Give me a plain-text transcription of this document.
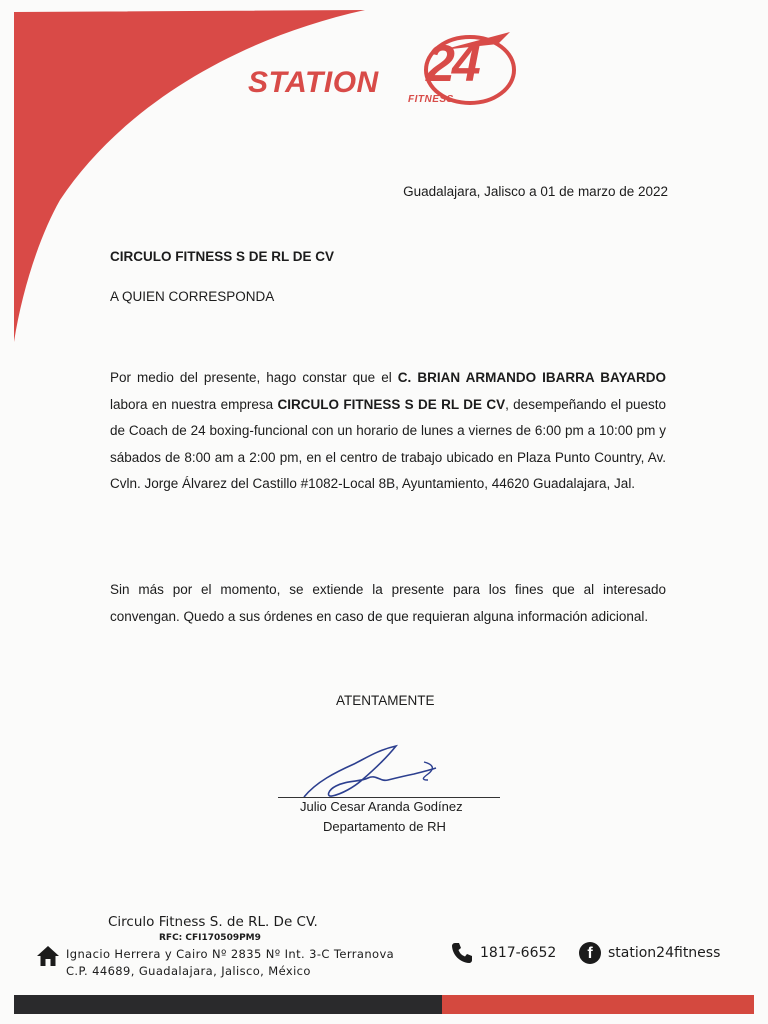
STATION 24
FITNESS
Guadalajara, Jalisco a 01 de marzo de 2022
CIRCULO FITNESS S DE RL DE CV
A QUIEN CORRESPONDA
Por medio del presente, hago constar que el C. BRIAN ARMANDO IBARRA BAYARDO labora en nuestra empresa CIRCULO FITNESS S DE RL DE CV, desempeñando el puesto de Coach de 24 boxing-funcional con un horario de lunes a viernes de 6:00 pm a 10:00 pm y sábados de 8:00 am a 2:00 pm, en el centro de trabajo ubicado en Plaza Punto Country, Av. Cvln. Jorge Álvarez del Castillo #1082-Local 8B, Ayuntamiento, 44620 Guadalajara, Jal.
Sin más por el momento, se extiende la presente para los fines que al interesado convengan. Quedo a sus órdenes en caso de que requieran alguna información adicional.
ATENTAMENTE
Julio Cesar Aranda Godínez
Departamento de RH
Circulo Fitness S. de RL. De CV.
RFC: CFI170509PM9
Ignacio Herrera y Cairo Nº 2835 Nº Int. 3-C Terranova
C.P. 44689, Guadalajara, Jalisco, México
1817-6652	f	station24fitness
